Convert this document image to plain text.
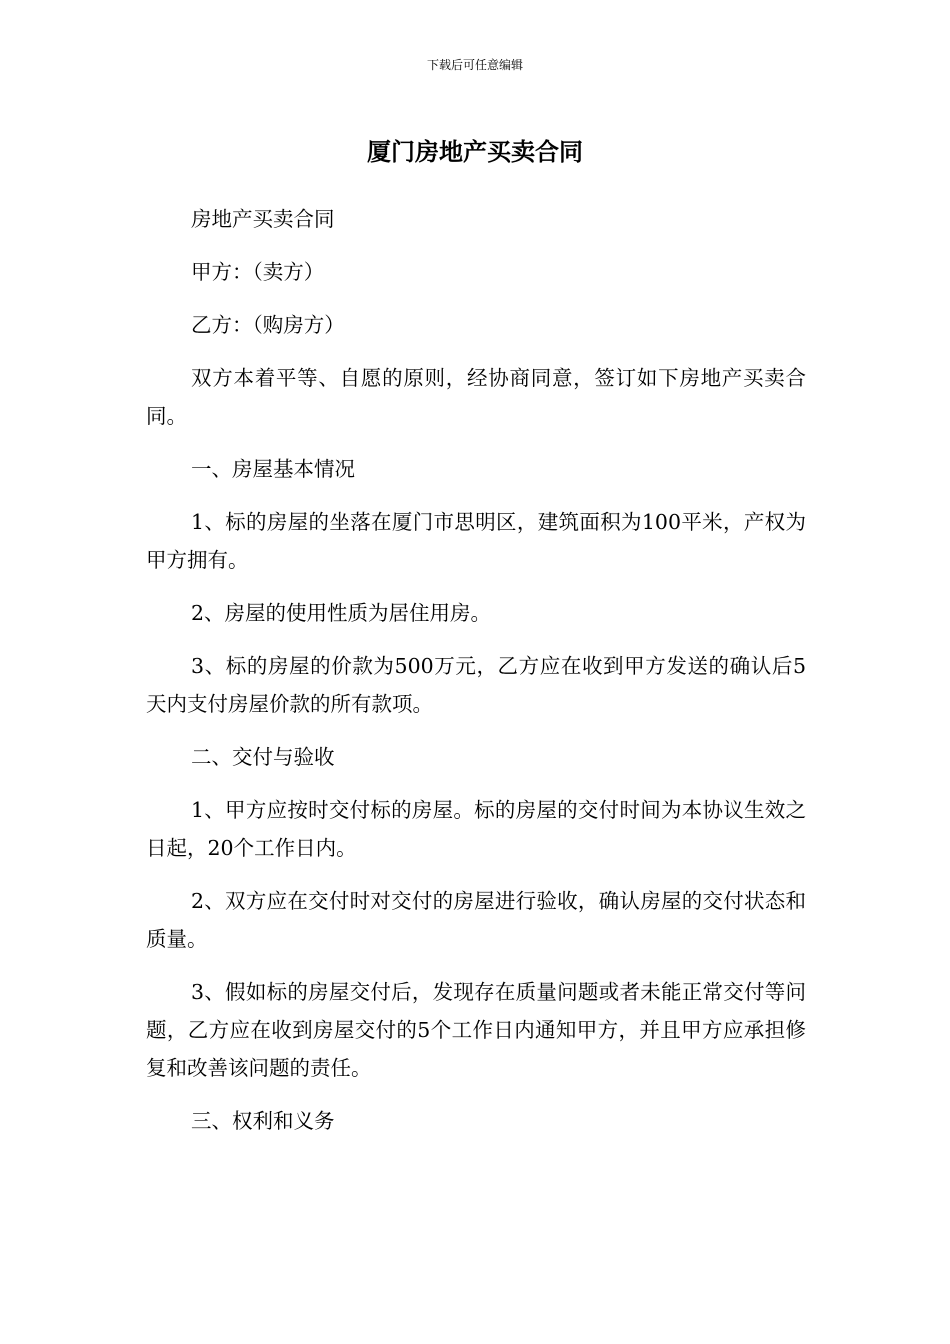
下载后可任意编辑
厦门房地产买卖合同

房地产买卖合同

甲方：（卖方）

乙方：（购房方）

双方本着平等、自愿的原则，经协商同意，签订如下房地产买卖合同。

一、房屋基本情况

1、标的房屋的坐落在厦门市思明区，建筑面积为100平米，产权为甲方拥有。

2、房屋的使用性质为居住用房。

3、标的房屋的价款为500万元，乙方应在收到甲方发送的确认后5天内支付房屋价款的所有款项。

二、交付与验收

1、甲方应按时交付标的房屋。标的房屋的交付时间为本协议生效之日起，20个工作日内。

2、双方应在交付时对交付的房屋进行验收，确认房屋的交付状态和质量。

3、假如标的房屋交付后，发现存在质量问题或者未能正常交付等问题，乙方应在收到房屋交付的5个工作日内通知甲方，并且甲方应承担修复和改善该问题的责任。

三、权利和义务
